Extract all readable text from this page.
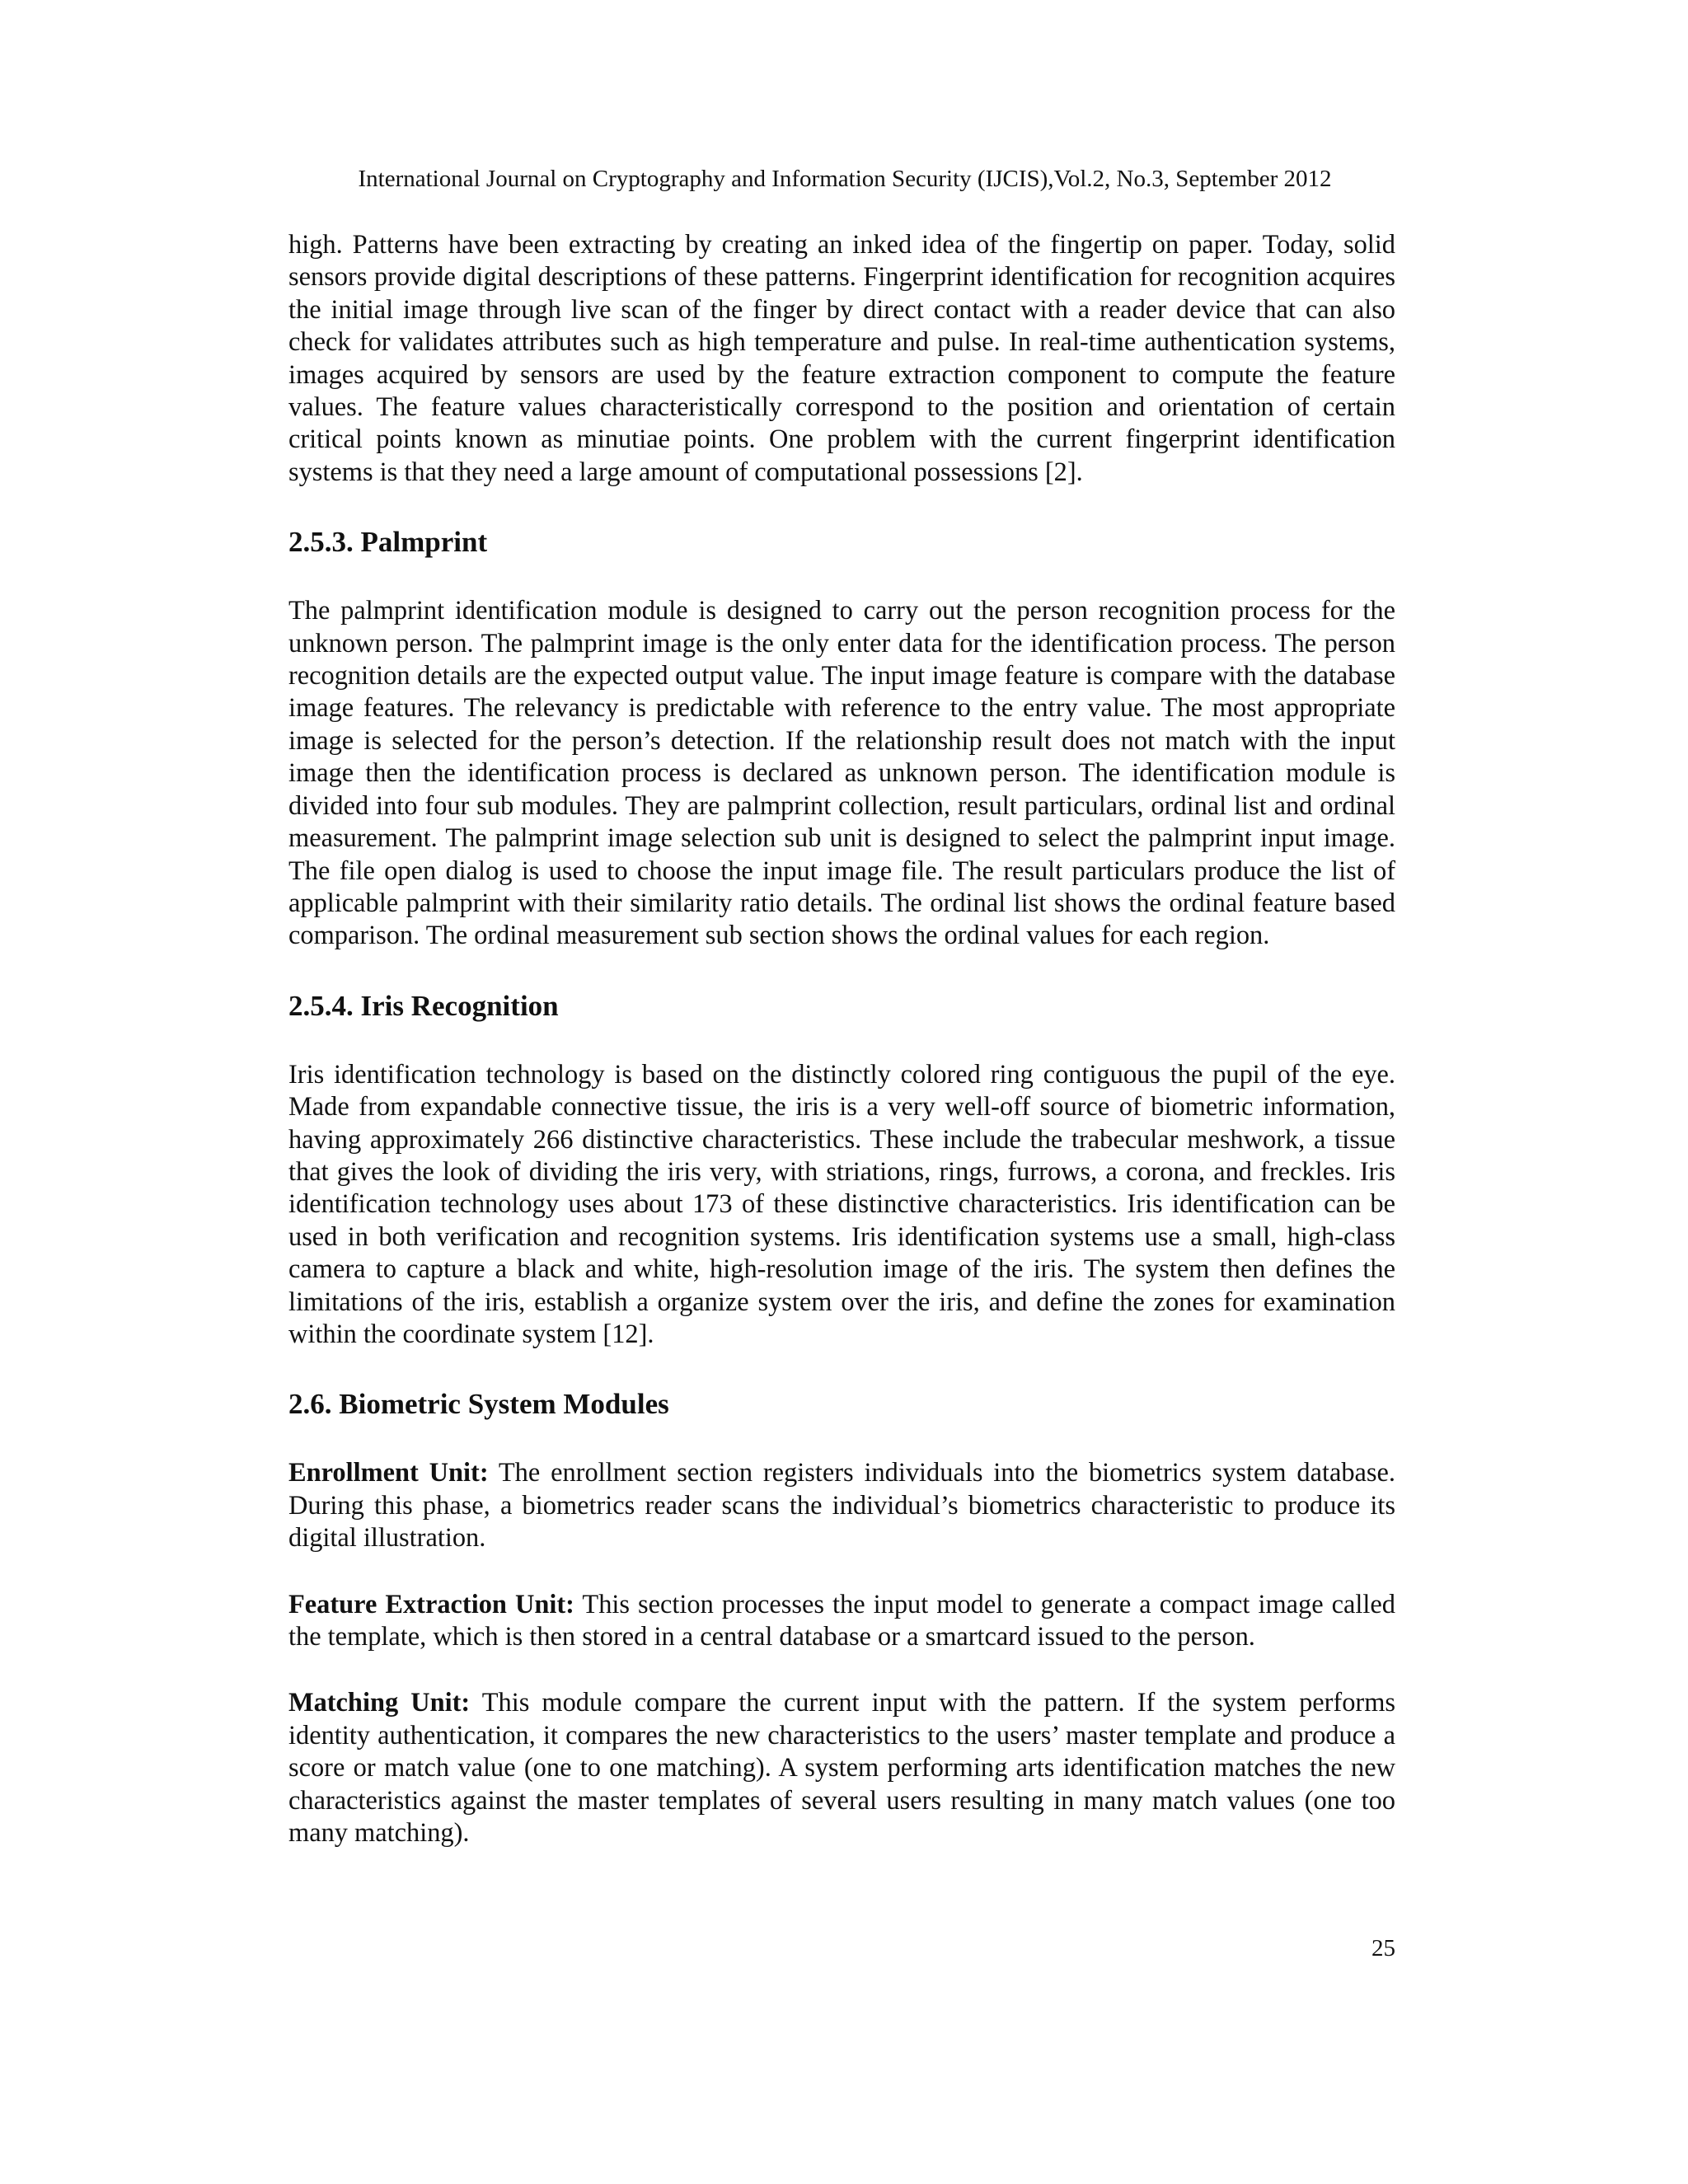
International Journal on Cryptography and Information Security (IJCIS),Vol.2, No.3, September 2012

high. Patterns have been extracting by creating an inked idea of the fingertip on paper. Today, solid sensors provide digital descriptions of these patterns. Fingerprint identification for recognition acquires the initial image through live scan of the finger by direct contact with a reader device that can also check for validates attributes such as high temperature and pulse. In real-time authentication systems, images acquired by sensors are used by the feature extraction component to compute the feature values. The feature values characteristically correspond to the position and orientation of certain critical points known as minutiae points. One problem with the current fingerprint identification systems is that they need a large amount of computational possessions [2].

2.5.3. Palmprint

The palmprint identification module is designed to carry out the person recognition process for the unknown person. The palmprint image is the only enter data for the identification process. The person recognition details are the expected output value. The input image feature is compare with the database image features. The relevancy is predictable with reference to the entry value. The most appropriate image is selected for the person’s detection. If the relationship result does not match with the input image then the identification process is declared as unknown person. The identification module is divided into four sub modules. They are palmprint collection, result particulars, ordinal list and ordinal measurement. The palmprint image selection sub unit is designed to select the palmprint input image. The file open dialog is used to choose the input image file. The result particulars produce the list of applicable palmprint with their similarity ratio details. The ordinal list shows the ordinal feature based comparison. The ordinal measurement sub section shows the ordinal values for each region.

2.5.4. Iris Recognition

Iris identification technology is based on the distinctly colored ring contiguous the pupil of the eye. Made from expandable connective tissue, the iris is a very well-off source of biometric information, having approximately 266 distinctive characteristics. These include the trabecular meshwork, a tissue that gives the look of dividing the iris very, with striations, rings, furrows, a corona, and freckles. Iris identification technology uses about 173 of these distinctive characteristics. Iris identification can be used in both verification and recognition systems. Iris identification systems use a small, high-class camera to capture a black and white, high-resolution image of the iris. The system then defines the limitations of the iris, establish a organize system over the iris, and define the zones for examination within the coordinate system [12].

2.6. Biometric System Modules

Enrollment Unit: The enrollment section registers individuals into the biometrics system database. During this phase, a biometrics reader scans the individual’s biometrics characteristic to produce its digital illustration.

Feature Extraction Unit: This section processes the input model to generate a compact image called the template, which is then stored in a central database or a smartcard issued to the person.

Matching Unit: This module compare the current input with the pattern. If the system performs identity authentication, it compares the new characteristics to the users’ master template and produce a score or match value (one to one matching). A system performing arts identification matches the new characteristics against the master templates of several users resulting in many match values (one too many matching).

25
